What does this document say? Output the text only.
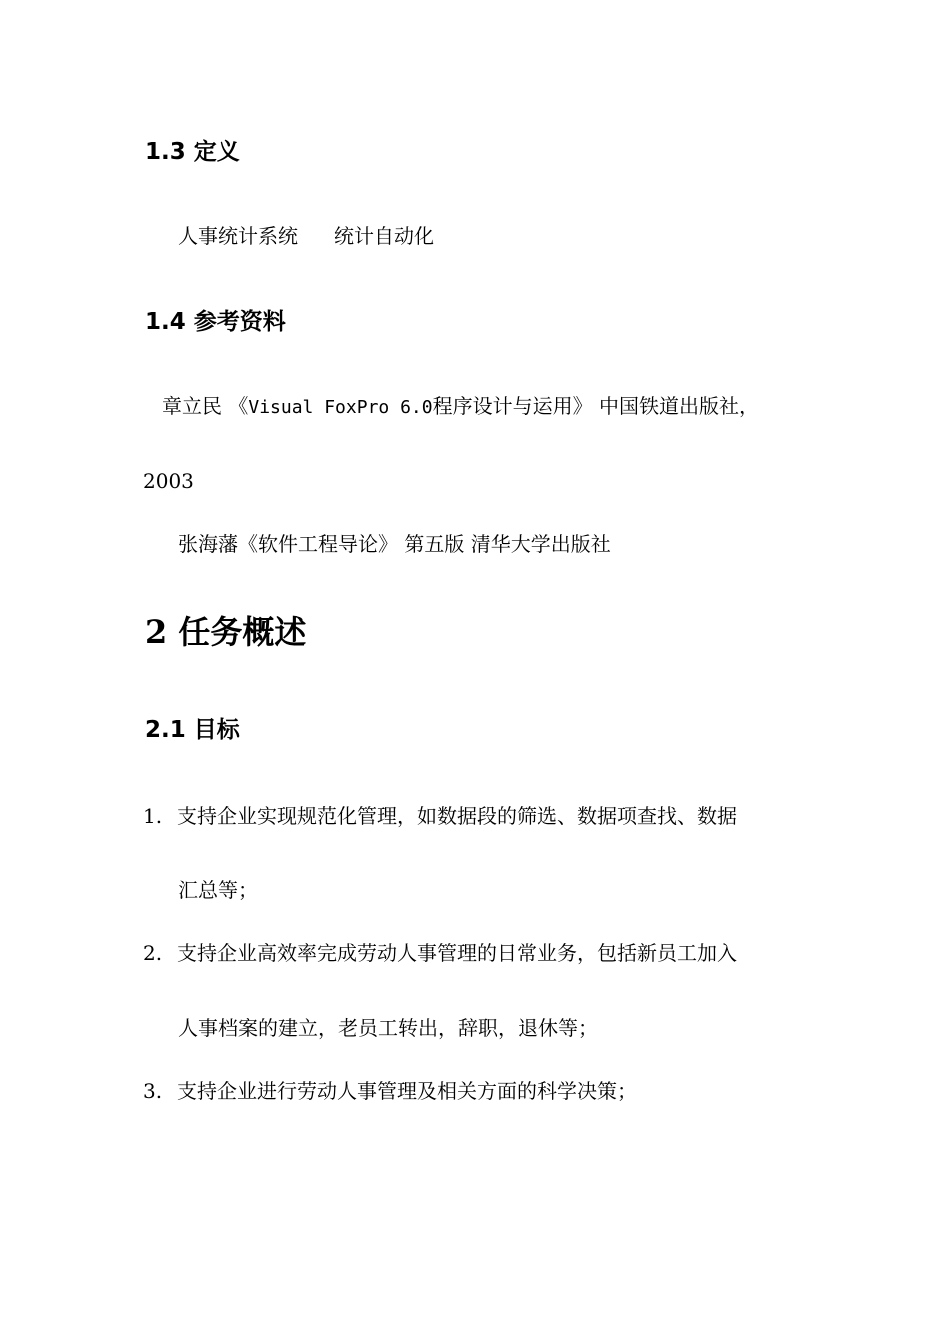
1.3 定义
人事统计系统 统计自动化
1.4 参考资料
章立民 《Visual FoxPro 6.0程序设计与运用》 中国铁道出版社，
2003
张海藩《软件工程导论》 第五版 清华大学出版社
2 任务概述
2.1 目标
1. 支持企业实现规范化管理，如数据段的筛选、数据项查找、数据
汇总等；
2. 支持企业高效率完成劳动人事管理的日常业务，包括新员工加入
人事档案的建立，老员工转出，辞职，退休等；
3. 支持企业进行劳动人事管理及相关方面的科学决策；
